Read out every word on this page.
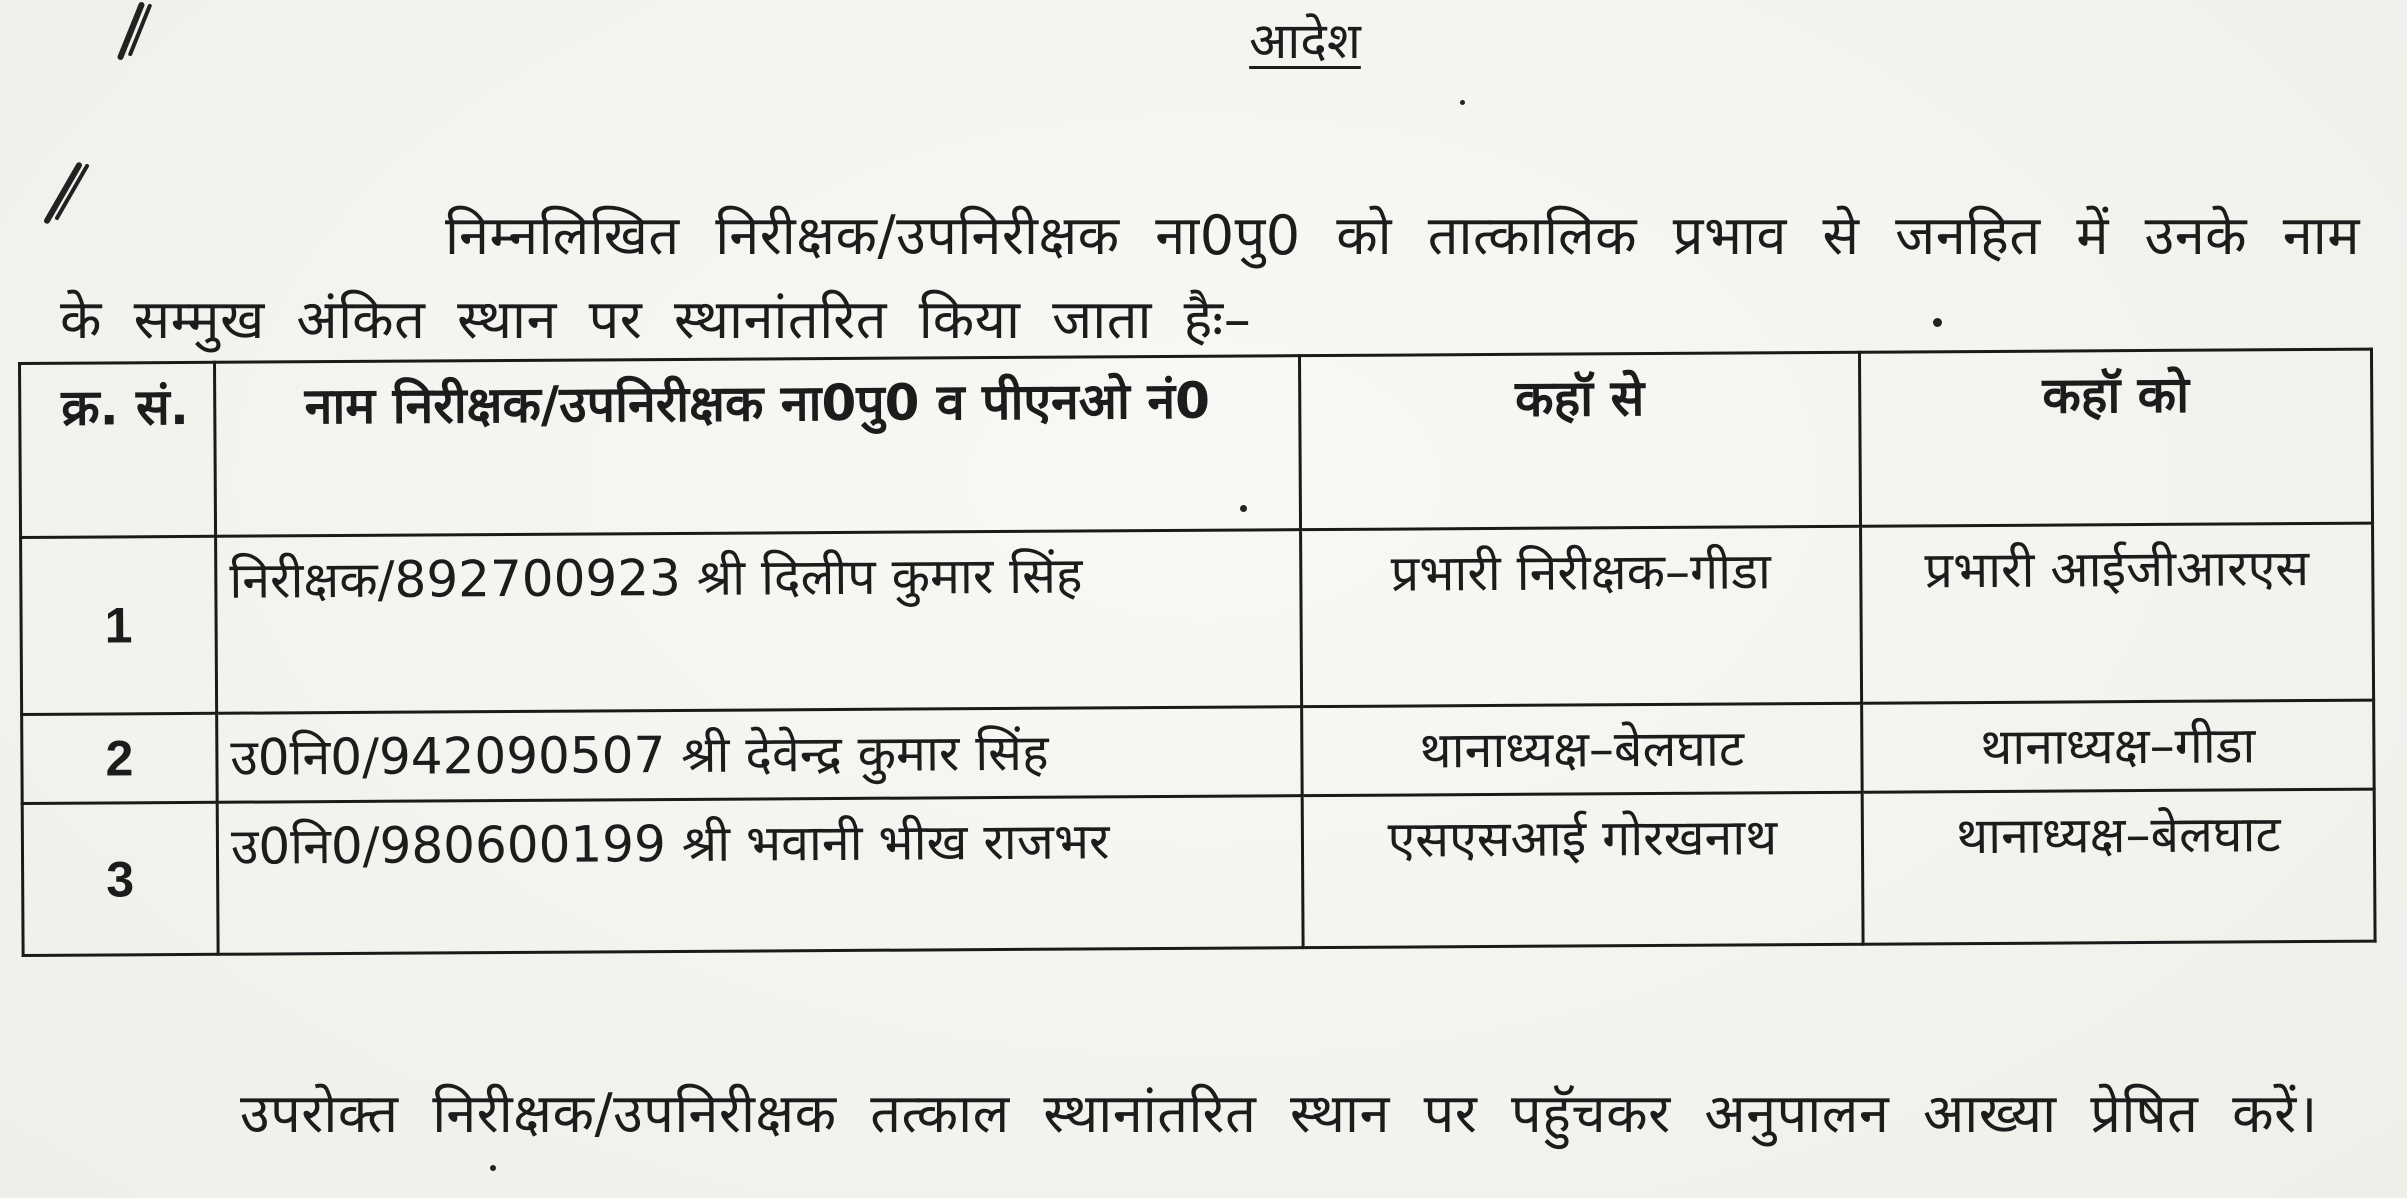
आदेश

निम्नलिखित निरीक्षक/उपनिरीक्षक ना0पु0 को तात्कालिक प्रभाव से जनहित में उनके नाम के सम्मुख अंकित स्थान पर स्थानांतरित किया जाता हैः–

क्र. सं.	नाम निरीक्षक/उपनिरीक्षक ना0पु0 व पीएनओ नं0	कहॉ से	कहॉ को
1	निरीक्षक/892700923 श्री दिलीप कुमार सिंह	प्रभारी निरीक्षक–गीडा	प्रभारी आईजीआरएस
2	उ0नि0/942090507 श्री देवेन्द्र कुमार सिंह	थानाध्यक्ष–बेलघाट	थानाध्यक्ष–गीडा
3	उ0नि0/980600199 श्री भवानी भीख राजभर	एसएसआई गोरखनाथ	थानाध्यक्ष–बेलघाट

उपरोक्त निरीक्षक/उपनिरीक्षक तत्काल स्थानांतरित स्थान पर पहुॅचकर अनुपालन आख्या प्रेषित करें।
